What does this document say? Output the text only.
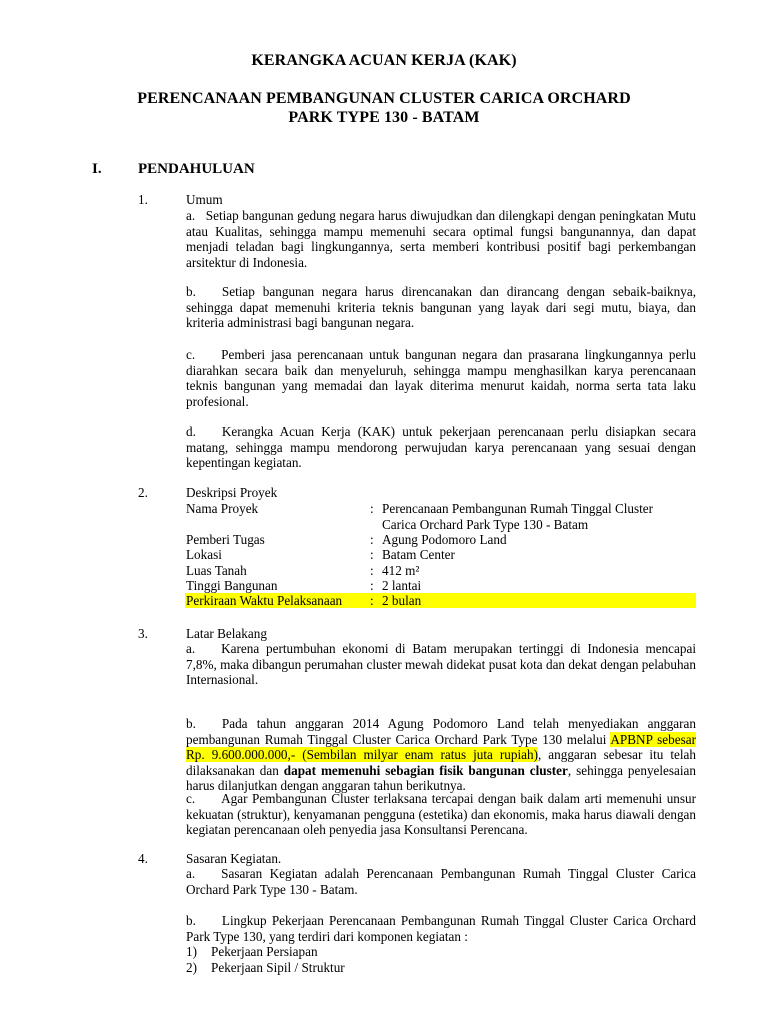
KERANGKA ACUAN KERJA (KAK)
PERENCANAAN PEMBANGUNAN CLUSTER CARICA ORCHARD
PARK TYPE 130 - BATAM
I. PENDAHULUAN
1.	Umum
a.   Setiap bangunan gedung negara harus diwujudkan dan dilengkapi dengan peningkatan Mutu atau Kualitas, sehingga mampu memenuhi secara optimal fungsi bangunannya, dan dapat menjadi teladan bagi lingkungannya, serta memberi kontribusi positif bagi perkembangan arsitektur di Indonesia.
b. Setiap bangunan negara harus direncanakan dan dirancang dengan sebaik-baiknya, sehingga dapat memenuhi kriteria teknis bangunan yang layak dari segi mutu, biaya, dan kriteria administrasi bagi bangunan negara.
c. Pemberi jasa perencanaan untuk bangunan negara dan prasarana lingkungannya perlu diarahkan secara baik dan menyeluruh, sehingga mampu menghasilkan karya perencanaan teknis bangunan yang memadai dan layak diterima menurut kaidah, norma serta tata laku profesional.
d. Kerangka Acuan Kerja (KAK) untuk pekerjaan perencanaan perlu disiapkan secara matang, sehingga mampu mendorong perwujudan karya perencanaan yang sesuai dengan kepentingan kegiatan.
2.	Deskripsi Proyek
Nama Proyek	: Perencanaan Pembangunan Rumah Tinggal Cluster
Carica Orchard Park Type 130 - Batam
Pemberi Tugas	: Agung Podomoro Land
Lokasi	: Batam Center
Luas Tanah	: 412 m²
Tinggi Bangunan	: 2 lantai
Perkiraan Waktu Pelaksanaan : 2 bulan
3.	Latar Belakang
a. Karena pertumbuhan ekonomi di Batam merupakan tertinggi di Indonesia mencapai 7,8%, maka dibangun perumahan cluster mewah didekat pusat kota dan dekat dengan pelabuhan Internasional.
b. Pada tahun anggaran 2014 Agung Podomoro Land telah menyediakan anggaran pembangunan Rumah Tinggal Cluster Carica Orchard Park Type 130 melalui APBNP sebesar Rp. 9.600.000.000,- (Sembilan milyar enam ratus juta rupiah), anggaran sebesar itu telah dilaksanakan dan dapat memenuhi sebagian fisik bangunan cluster, sehingga penyelesaian harus dilanjutkan dengan anggaran tahun berikutnya.
c. Agar Pembangunan Cluster terlaksana tercapai dengan baik dalam arti memenuhi unsur kekuatan (struktur), kenyamanan pengguna (estetika) dan ekonomis, maka harus diawali dengan kegiatan perencanaan oleh penyedia jasa Konsultansi Perencana.
4.	Sasaran Kegiatan.
a. Sasaran Kegiatan adalah Perencanaan Pembangunan Rumah Tinggal Cluster Carica Orchard Park Type 130 - Batam.
b. Lingkup Pekerjaan Perencanaan Pembangunan Rumah Tinggal Cluster Carica Orchard Park Type 130, yang terdiri dari komponen kegiatan :
1) Pekerjaan Persiapan
2) Pekerjaan Sipil / Struktur
